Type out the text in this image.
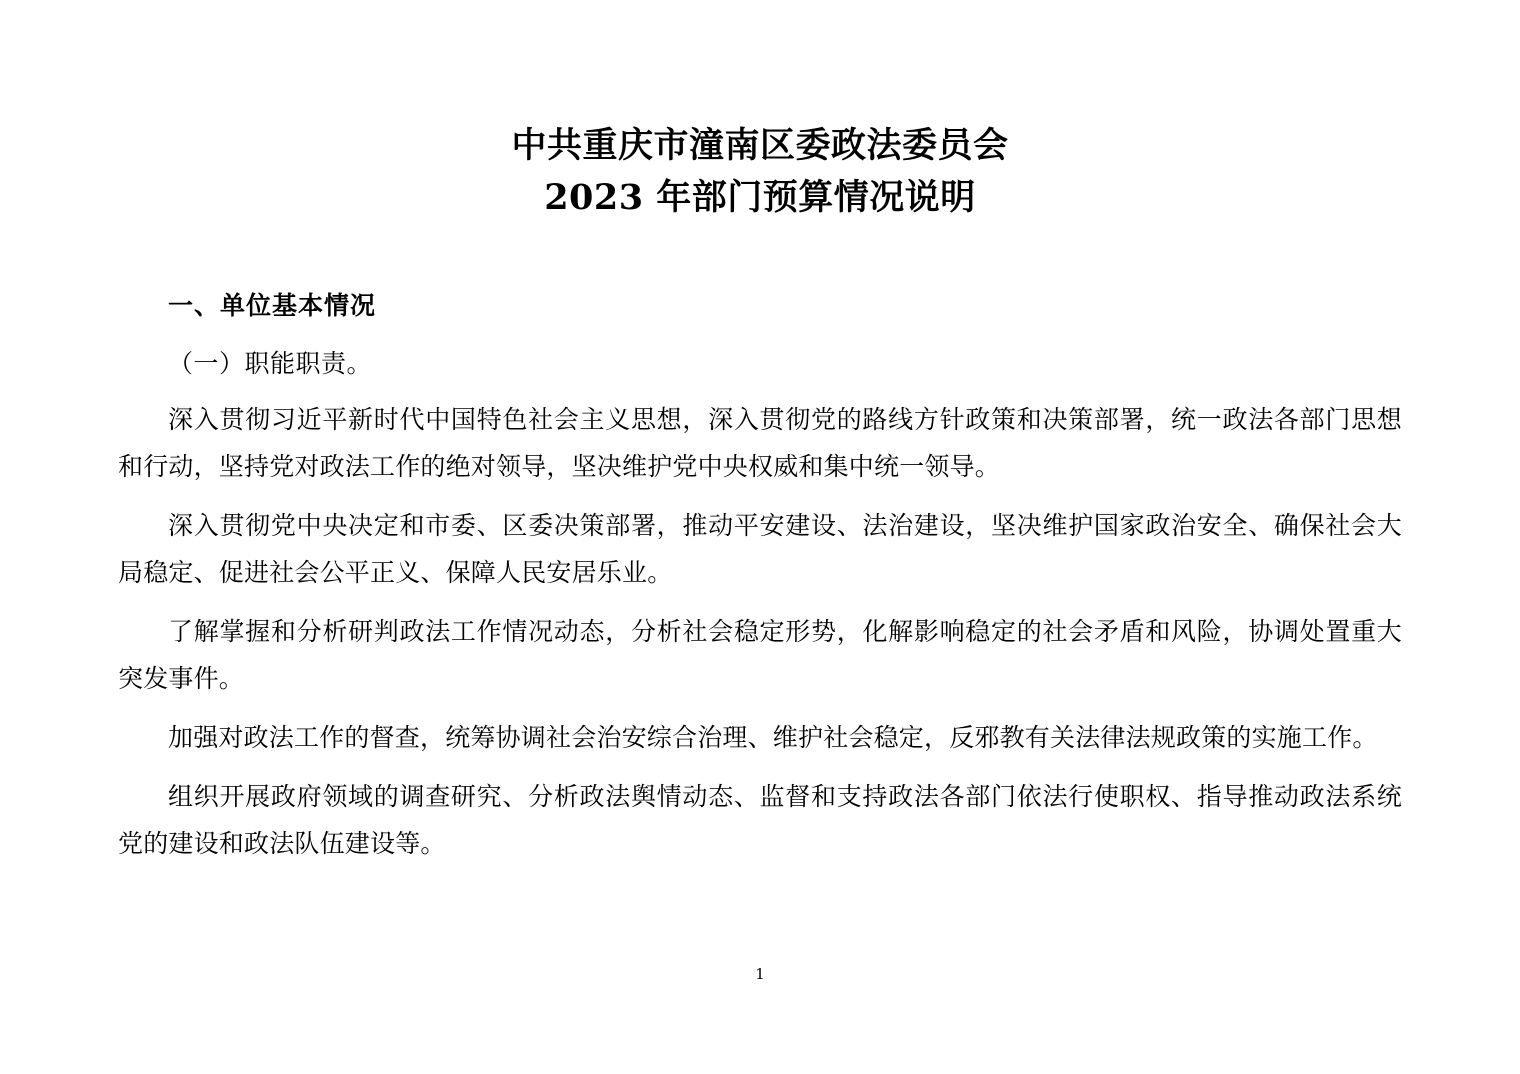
中共重庆市潼南区委政法委员会
2023 年部门预算情况说明
一、单位基本情况
（一）职能职责。

深入贯彻习近平新时代中国特色社会主义思想，深入贯彻党的路线方针政策和决策部署，统一政法各部门思想和行动，坚持党对政法工作的绝对领导，坚决维护党中央权威和集中统一领导。

深入贯彻党中央决定和市委、区委决策部署，推动平安建设、法治建设，坚决维护国家政治安全、确保社会大局稳定、促进社会公平正义、保障人民安居乐业。

了解掌握和分析研判政法工作情况动态，分析社会稳定形势，化解影响稳定的社会矛盾和风险，协调处置重大突发事件。

加强对政法工作的督查，统筹协调社会治安综合治理、维护社会稳定，反邪教有关法律法规政策的实施工作。

组织开展政府领域的调查研究、分析政法舆情动态、监督和支持政法各部门依法行使职权、指导推动政法系统党的建设和政法队伍建设等。

1
